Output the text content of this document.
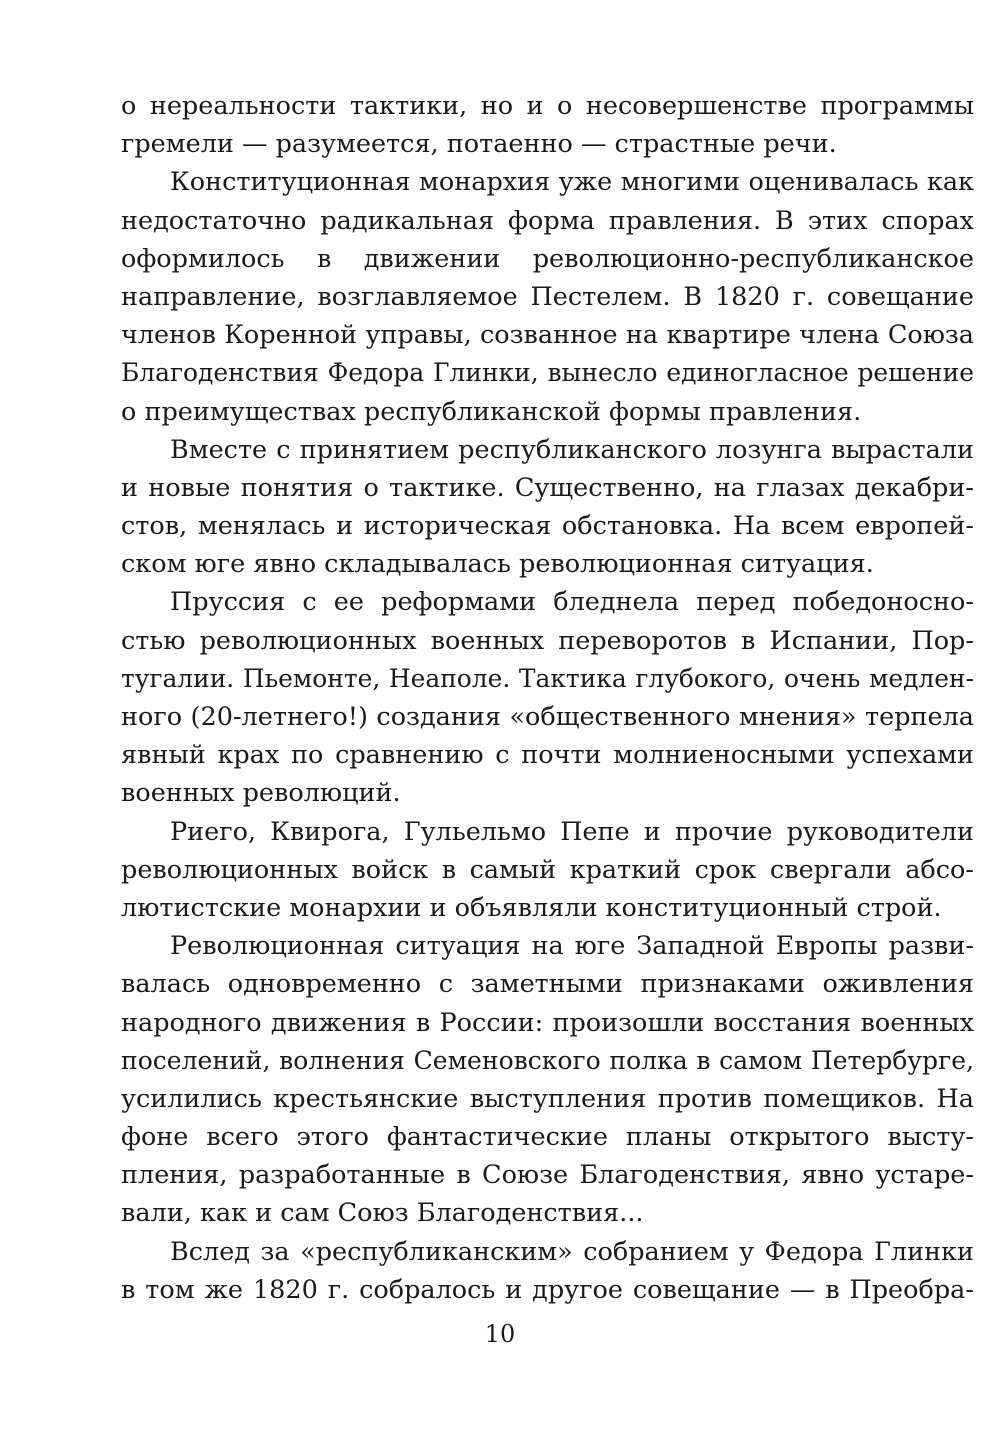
о нереальности тактики, но и о несовершенстве программы
гремели — разумеется, потаенно — страстные речи.
Конституционная монархия уже многими оценивалась как
недостаточно радикальная форма правления. В этих спорах
оформилось в движении революционно-республиканское
направление, возглавляемое Пестелем. В 1820 г. совещание
членов Коренной управы, созванное на квартире члена Союза
Благоденствия Федора Глинки, вынесло единогласное решение
о преимуществах республиканской формы правления.
Вместе с принятием республиканского лозунга вырастали
и новые понятия о тактике. Существенно, на глазах декабри-
стов, менялась и историческая обстановка. На всем европей-
ском юге явно складывалась революционная ситуация.
Пруссия с ее реформами бледнела перед победоносно-
стью революционных военных переворотов в Испании, Пор-
тугалии. Пьемонте, Неаполе. Тактика глубокого, очень медлен-
ного (20-летнего!) создания «общественного мнения» терпела
явный крах по сравнению с почти молниеносными успехами
военных революций.
Риего, Квирога, Гульельмо Пепе и прочие руководители
революционных войск в самый краткий срок свергали абсо-
лютистские монархии и объявляли конституционный строй.
Революционная ситуация на юге Западной Европы разви-
валась одновременно с заметными признаками оживления
народного движения в России: произошли восстания военных
поселений, волнения Семеновского полка в самом Петербурге,
усилились крестьянские выступления против помещиков. На
фоне всего этого фантастические планы открытого высту-
пления, разработанные в Союзе Благоденствия, явно устаре-
вали, как и сам Союз Благоденствия...
Вслед за «республиканским» собранием у Федора Глинки
в том же 1820 г. собралось и другое совещание — в Преобра-
10
